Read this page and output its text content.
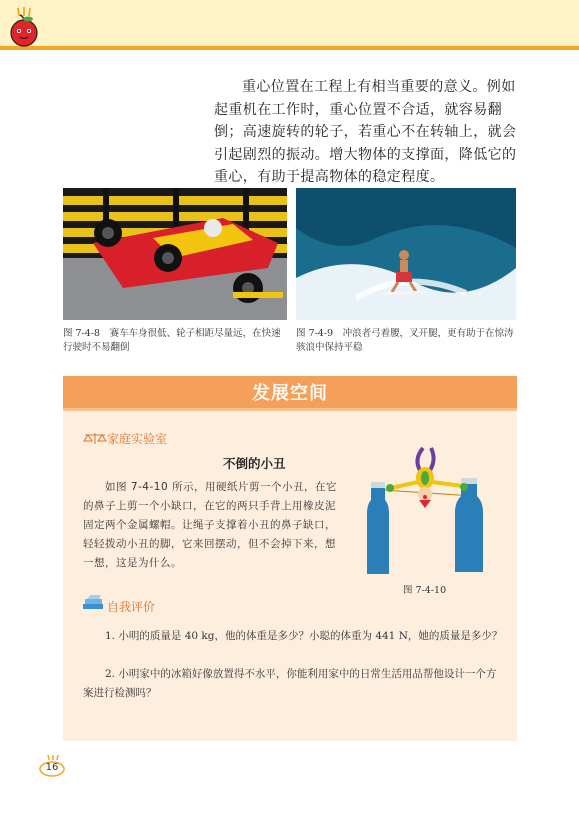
重心位置在工程上有相当重要的意义。例如起重机在工作时，重心位置不合适，就容易翻倒；高速旋转的轮子，若重心不在转轴上，就会引起剧烈的振动。增大物体的支撑面，降低它的重心，有助于提高物体的稳定程度。
图 7-4-8　赛车车身很低、轮子相距尽量远，在快速行驶时不易翻倒
图 7-4-9　冲浪者弓着腰，叉开腿，更有助于在惊涛骇浪中保持平稳
发展空间
家庭实验室
不倒的小丑
如图 7-4-10 所示，用硬纸片剪一个小丑，在它的鼻子上剪一个小缺口，在它的两只手背上用橡皮泥固定两个金属螺帽。让绳子支撑着小丑的鼻子缺口，轻轻拨动小丑的脚，它来回摆动，但不会掉下来，想一想，这是为什么。
图 7-4-10
自我评价
1. 小明的质量是 40 kg，他的体重是多少？小聪的体重为 441 N，她的质量是多少？
2. 小明家中的冰箱好像放置得不水平，你能利用家中的日常生活用品帮他设计一个方案进行检测吗？
16
